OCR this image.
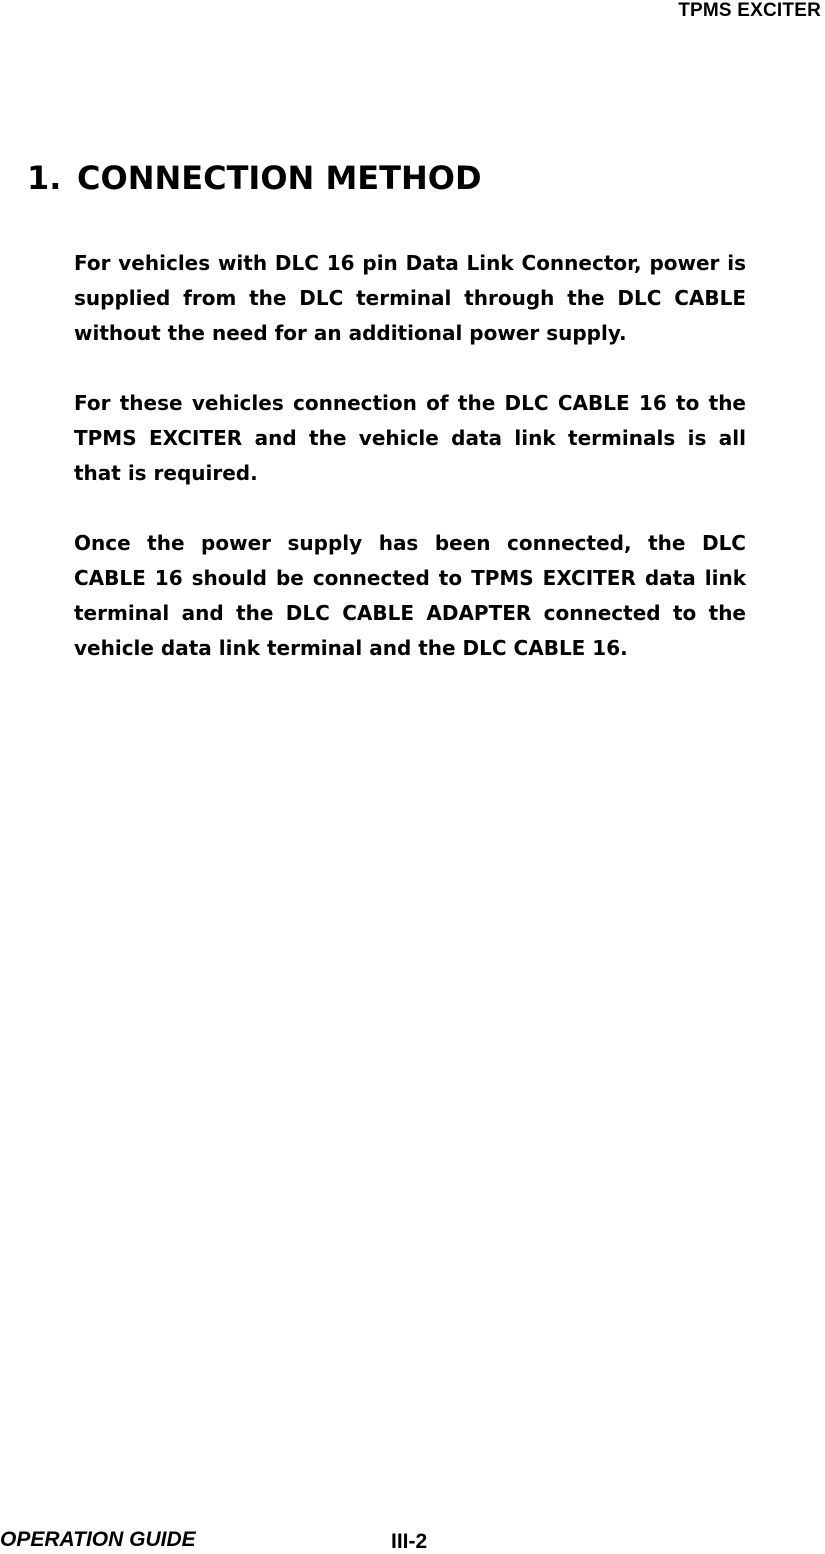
TPMS EXCITER
1. CONNECTION METHOD

For vehicles with DLC 16 pin Data Link Connector, power is supplied from the DLC terminal through the DLC CABLE without the need for an additional power supply.

For these vehicles connection of the DLC CABLE 16 to the TPMS EXCITER and the vehicle data link terminals is all that is required.

Once the power supply has been connected, the DLC CABLE 16 should be connected to TPMS EXCITER data link terminal and the DLC CABLE ADAPTER connected to the vehicle data link terminal and the DLC CABLE 16.

OPERATION GUIDE	III-2
